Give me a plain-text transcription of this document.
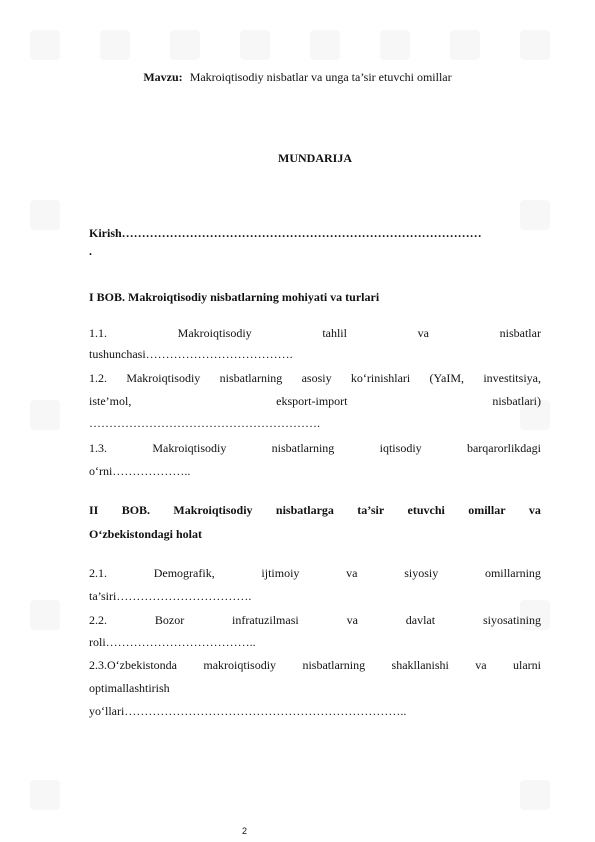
Mavzu: Makroiqtisodiy nisbatlar va unga ta’sir etuvchi omillar
MUNDARIJA
Kirish………………………………………………………………………………
.
I BOB. Makroiqtisodiy nisbatlarning mohiyati va turlari
1.1.	Makroiqtisodiy	tahlil	va	nisbatlar
tushunchasi……………………………….
1.2. Makroiqtisodiy nisbatlarning asosiy ko‘rinishlari (YaIM, investitsiya,
iste’mol,	eksport-import	nisbatlari)
………………………………………………….
1.3.	Makroiqtisodiy	nisbatlarning	iqtisodiy	barqarorlikdagi
o‘rni………………..
II BOB. Makroiqtisodiy nisbatlarga ta’sir etuvchi omillar va
O‘zbekistondagi holat
2.1.	Demografik,	ijtimoiy	va	siyosiy	omillarning
ta’siri…………………………….
2.2.	Bozor	infratuzilmasi	va	davlat	siyosatining
roli………………………………..
2.3.O‘zbekistonda makroiqtisodiy nisbatlarning shakllanishi va ularni
optimallashtirish
yo‘llari……………………………………………………………..
2
